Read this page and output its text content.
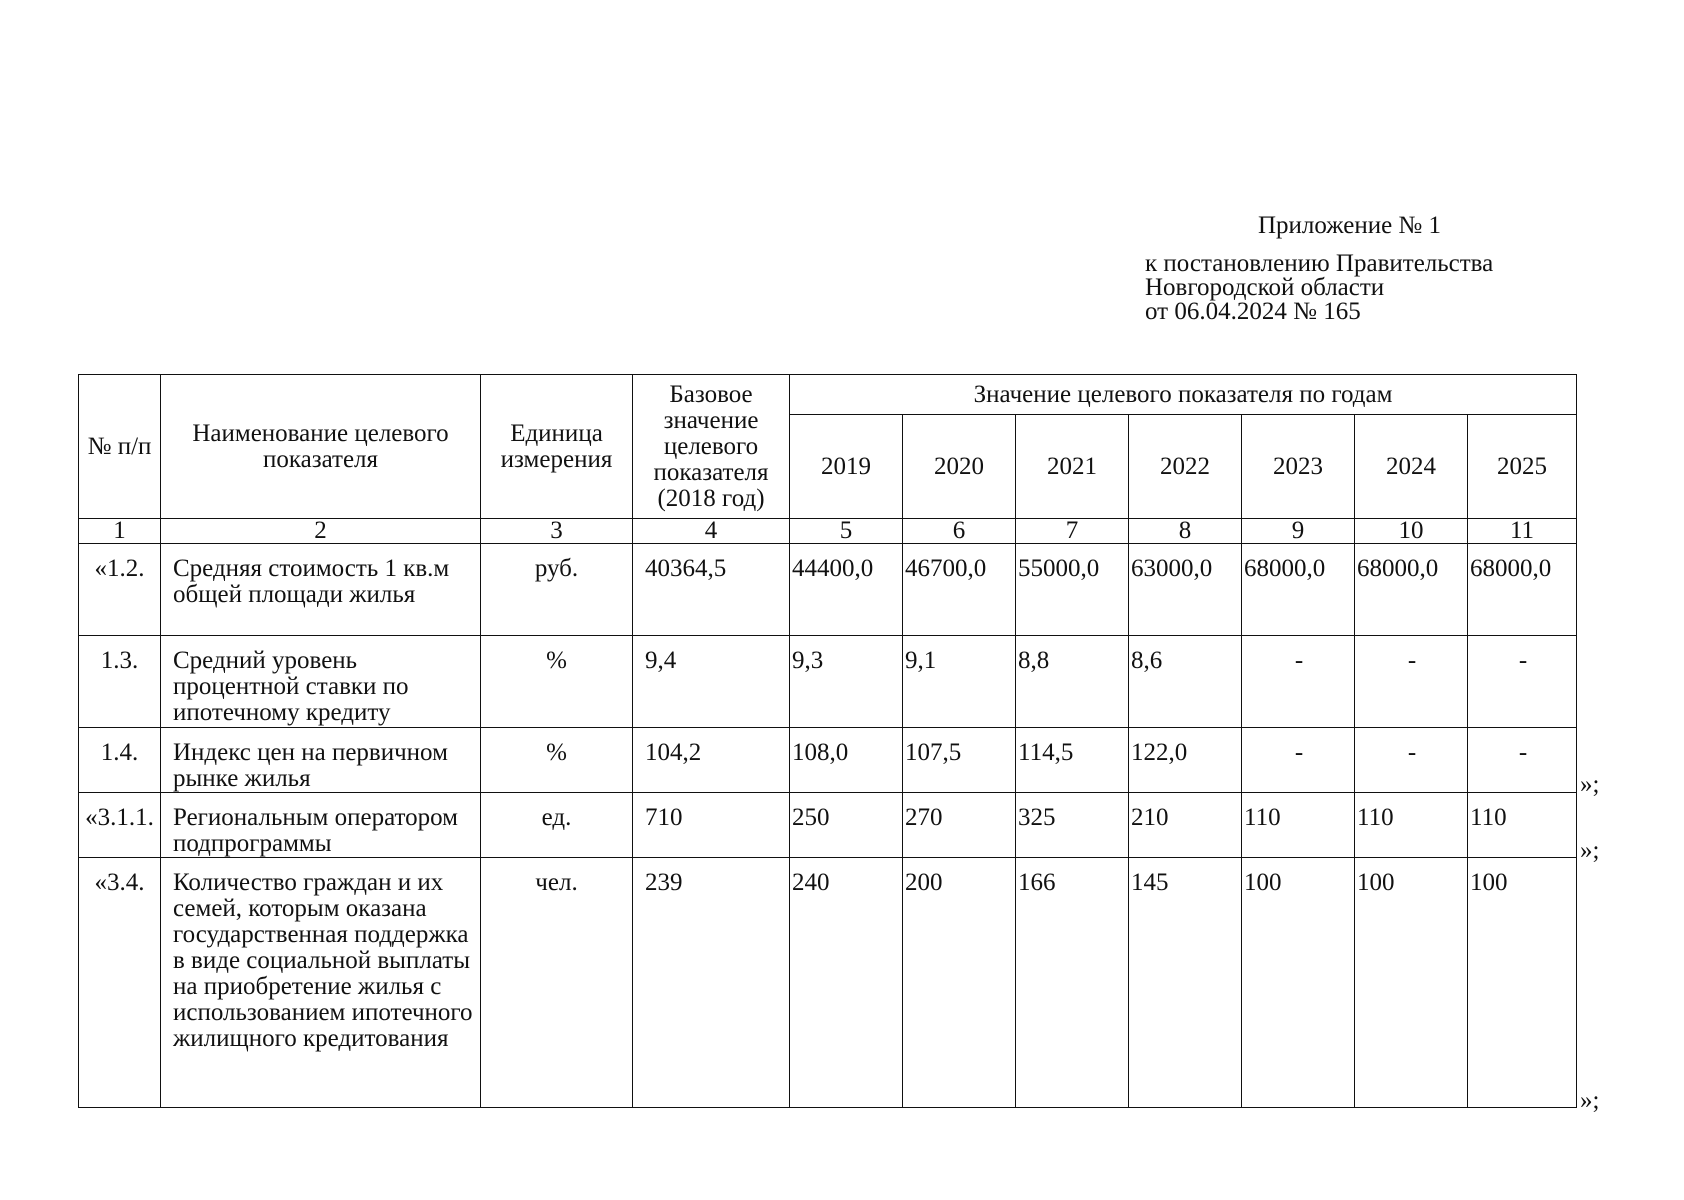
Приложение № 1
к постановлению Правительства
Новгородской области
от 06.04.2024 № 165
№ п/п	Наименование целевого показателя	Единица измерения	Базовое значение целевого показателя (2018 год)	Значение целевого показателя по годам						
				2019	2020	2021	2022	2023	2024	2025
1	2	3	4	5	6	7	8	9	10	11
«1.2.	Средняя стоимость 1 кв.м общей площади жилья	руб.	40364,5	44400,0	46700,0	55000,0	63000,0	68000,0	68000,0	68000,0
1.3.	Средний уровень процентной ставки по ипотечному кредиту	%	9,4	9,3	9,1	8,8	8,6	-	-	-
1.4.	Индекс цен на первичном рынке жилья	%	104,2	108,0	107,5	114,5	122,0	-	-	-
«3.1.1.	Региональным оператором подпрограммы	ед.	710	250	270	325	210	110	110	110
«3.4.	Количество граждан и их семей, которым оказана государственная поддержка в виде социальной выплаты на приобретение жилья с использованием ипотечного жилищного кредитования	чел.	239	240	200	166	145	100	100	100
»;
»;
»;
